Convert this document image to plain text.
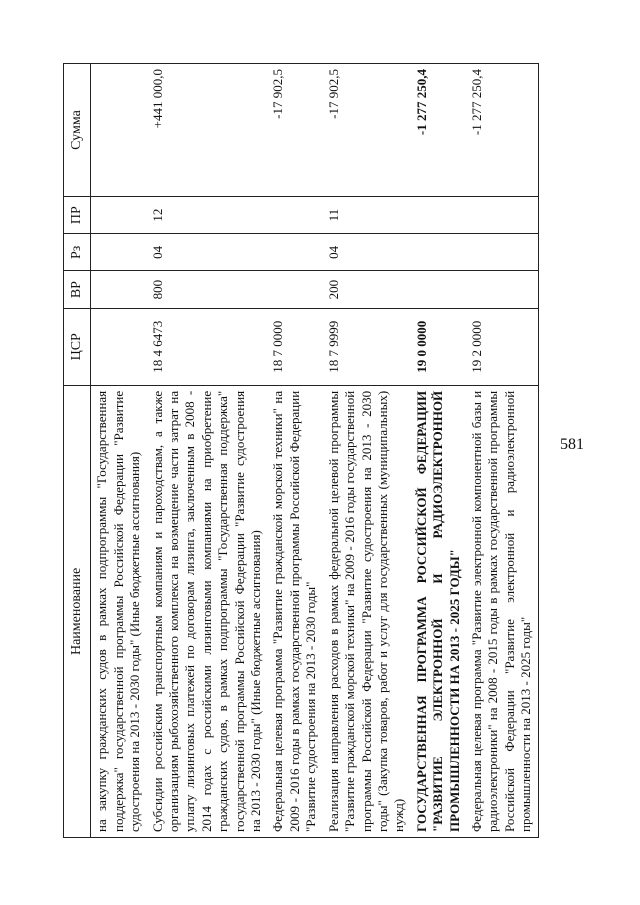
581
Наименование	ЦСР	ВР	Рз	ПР	Сумма
на закупку гражданских судов в рамках подпрограммы "Государственная поддержка" государственной программы Российской Федерации "Развитие судостроения на 2013 - 2030 годы" (Иные бюджетные ассигнования)					
Субсидии российским транспортным компаниям и пароходствам, а также организациям рыбохозяйственного комплекса на возмещение части затрат на уплату лизинговых платежей по договорам лизинга, заключенным в 2008 - 2014 годах с российскими лизинговыми компаниями на приобретение гражданских судов, в рамках подпрограммы "Государственная поддержка" государственной программы Российской Федерации "Развитие судостроения на 2013 - 2030 годы" (Иные бюджетные ассигнования)	18 4 6473	800	04	12	+441 000,0
Федеральная целевая программа "Развитие гражданской морской техники" на 2009 - 2016 годы в рамках государственной программы Российской Федерации "Развитие судостроения на 2013 - 2030 годы"	18 7 0000				-17 902,5
Реализация направления расходов в рамках федеральной целевой программы "Развитие гражданской морской техники" на 2009 - 2016 годы государственной программы Российской Федерации "Развитие судостроения на 2013 - 2030 годы" (Закупка товаров, работ и услуг для государственных (муниципальных) нужд)	18 7 9999	200	04	11	-17 902,5
ГОСУДАРСТВЕННАЯ ПРОГРАММА РОССИЙСКОЙ ФЕДЕРАЦИИ "РАЗВИТИЕ ЭЛЕКТРОННОЙ И РАДИОЭЛЕКТРОННОЙ ПРОМЫШЛЕННОСТИ НА 2013 - 2025 ГОДЫ"	19 0 0000				-1 277 250,4
Федеральная целевая программа "Развитие электронной компонентной базы и радиоэлектроники" на 2008 - 2015 годы в рамках государственной программы Российской Федерации "Развитие электронной и радиоэлектронной промышленности на 2013 - 2025 годы"	19 2 0000				-1 277 250,4
